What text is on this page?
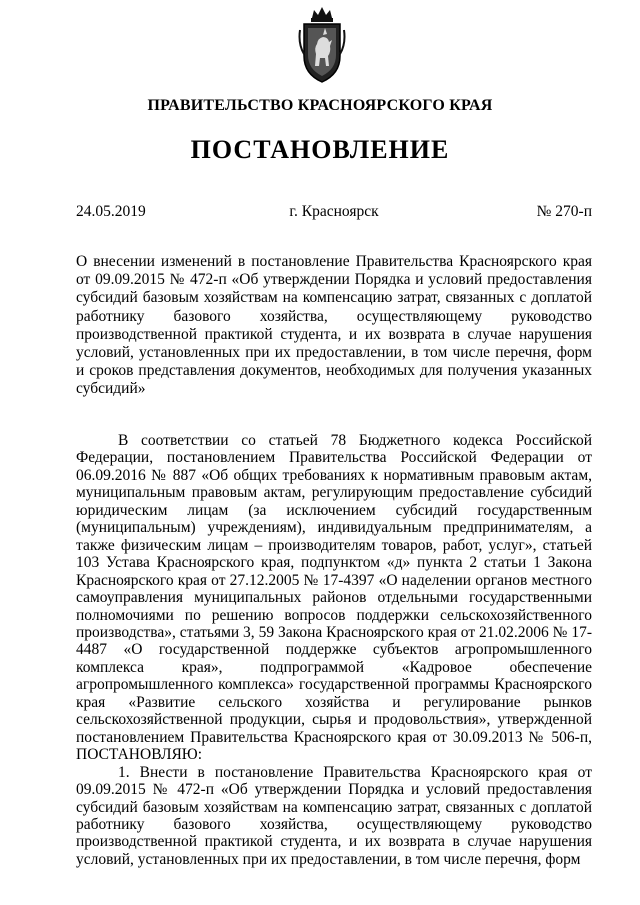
ПРАВИТЕЛЬСТВО КРАСНОЯРСКОГО КРАЯ
ПОСТАНОВЛЕНИЕ
г. Красноярск
24.05.2019	№ 270-п
О внесении изменений в постановление Правительства Красноярского края от 09.09.2015 № 472-п «Об утверждении Порядка и условий предоставления субсидий базовым хозяйствам на компенсацию затрат, связанных с доплатой работнику базового хозяйства, осуществляющему руководство производственной практикой студента, и их возврата в случае нарушения условий, установленных при их предоставлении, в том числе перечня, форм и сроков представления документов, необходимых для получения указанных субсидий»

В соответствии со статьей 78 Бюджетного кодекса Российской Федерации, постановлением Правительства Российской Федерации от 06.09.2016 № 887 «Об общих требованиях к нормативным правовым актам, муниципальным правовым актам, регулирующим предоставление субсидий юридическим лицам (за исключением субсидий государственным (муниципальным) учреждениям), индивидуальным предпринимателям, а также физическим лицам – производителям товаров, работ, услуг», статьей 103 Устава Красноярского края, подпунктом «д» пункта 2 статьи 1 Закона Красноярского края от 27.12.2005 № 17-4397 «О наделении органов местного самоуправления муниципальных районов отдельными государственными полномочиями по решению вопросов поддержки сельскохозяйственного производства», статьями 3, 59 Закона Красноярского края от 21.02.2006 № 17-4487 «О государственной поддержке субъектов агропромышленного комплекса края», подпрограммой «Кадровое обеспечение агропромышленного комплекса» государственной программы Красноярского края «Развитие сельского хозяйства и регулирование рынков сельскохозяйственной продукции, сырья и продовольствия», утвержденной постановлением Правительства Красноярского края от 30.09.2013 № 506-п, ПОСТАНОВЛЯЮ:

1. Внести в постановление Правительства Красноярского края от 09.09.2015 № 472-п «Об утверждении Порядка и условий предоставления субсидий базовым хозяйствам на компенсацию затрат, связанных с доплатой работнику базового хозяйства, осуществляющему руководство производственной практикой студента, и их возврата в случае нарушения условий, установленных при их предоставлении, в том числе перечня, форм
